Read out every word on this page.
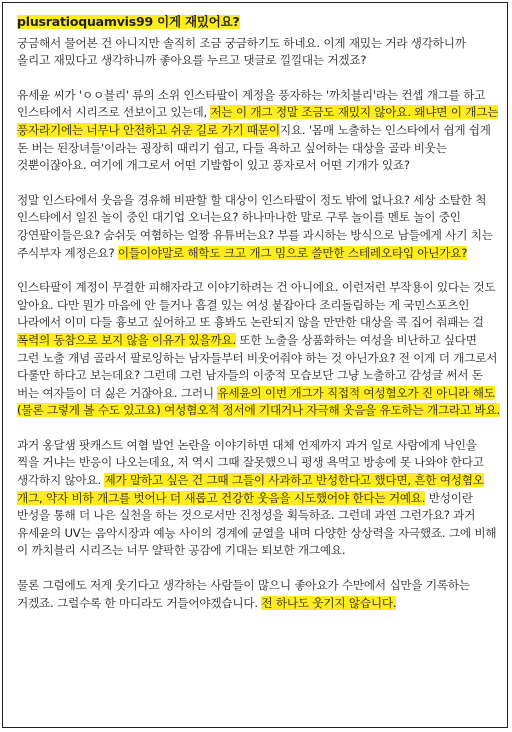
plusratioquamvis99 이게 재밌어요?

궁금해서 물어본 건 아니지만 솔직히 조금 궁금하기도 하네요. 이게 재밌는 거라 생각하니까 올리고 재밌다고 생각하니까 좋아요를 누르고 댓글로 낄낄대는 거겠죠?

유세윤 씨가 'ㅇㅇ블리' 류의 소위 인스타팔이 계정을 풍자하는 '까치블리'라는 컨셉 개그를 하고 인스타에서 시리즈로 선보이고 있는데, 저는 이 개그 정말 조금도 재밌지 않아요. 왜냐면 이 개그는 풍자라기에는 너무나 안전하고 쉬운 길로 가기 때문이지요. '몸매 노출하는 인스타에서 쉽게 쉽게 돈 버는 된장녀들'이라는 굉장히 때리기 쉽고, 다들 욕하고 싶어하는 대상을 골라 비웃는 것뿐이잖아요. 여기에 개그로서 어떤 기발함이 있고 풍자로서 어떤 기개가 있죠?

정말 인스타에서 웃음을 경유해 비판할 할 대상이 인스타팔이 정도 밖에 없나요? 세상 소탈한 척 인스타에서 일진 놀이 중인 대기업 오너는요? 하나마나한 말로 구루 놀이를 멘토 놀이 중인 강연팔이들은요? 숨쉬듯 여혐하는 얼짱 유튜버는요? 부를 과시하는 방식으로 남들에게 사기 치는 주식부자 계정은요? 이들이야말로 해학도 크고 개그 밈으로 쓸만한 스테레오타입 아닌가요?

인스타팔이 계정이 무결한 피해자라고 이야기하려는 건 아니에요. 이런저런 부작용이 있다는 것도 알아요. 다만 뭔가 마음에 안 들거나 흠결 있는 여성 붙잡아다 조리돌림하는 게 국민스포츠인 나라에서 이미 다들 흉보고 싶어하고 또 흉봐도 논란되지 않을 만만한 대상을 콕 집어 줘패는 걸 폭력의 동참으로 보지 않을 이유가 있을까요. 또한 노출을 상품화하는 여성을 비난하고 싶다면 그런 노출 개념 골라서 팔로잉하는 남자들부터 비웃어줘야 하는 것 아닌가요? 전 이게 더 개그로서 다룰만 하다고 보는데요? 그런데 그런 남자들의 이중적 모습보단 그냥 노출하고 감성글 써서 돈 버는 여자들이 더 싫은 거잖아요. 그러니 유세윤의 이번 개그가 직접적 여성혐오가 진 아니라 해도(물론 그렇게 볼 수도 있고요) 여성혐오적 정서에 기대거나 자극해 웃음을 유도하는 개그라고 봐요.

과거 옹달샘 팟캐스트 여혐 발언 논란을 이야기하면 대체 언제까지 과거 일로 사람에게 낙인을 찍을 거냐는 반응이 나오는데요, 저 역시 그때 잘못했으니 평생 욕먹고 방송에 못 나와야 한다고 생각하지 않아요. 제가 말하고 싶은 건 그때 그들이 사과하고 반성한다고 했다면, 흔한 여성혐오 개그, 약자 비하 개그를 벗어나 더 새롭고 건강한 웃음을 시도했어야 한다는 거예요. 반성이란 반성을 통해 더 나은 실천을 하는 것으로서만 진정성을 획득하죠. 그런데 과연 그런가요? 과거 유세윤의 UV는 음악시장과 예능 사이의 경계에 균열을 내며 다양한 상상력을 자극했죠. 그에 비해 이 까치블리 시리즈는 너무 얄팍한 공감에 기대는 퇴보한 개그예요.

물론 그럼에도 저게 웃기다고 생각하는 사람들이 많으니 좋아요가 수만에서 십만을 기록하는 거겠죠. 그럴수록 한 마디라도 거들어야겠습니다. 전 하나도 웃기지 않습니다.
